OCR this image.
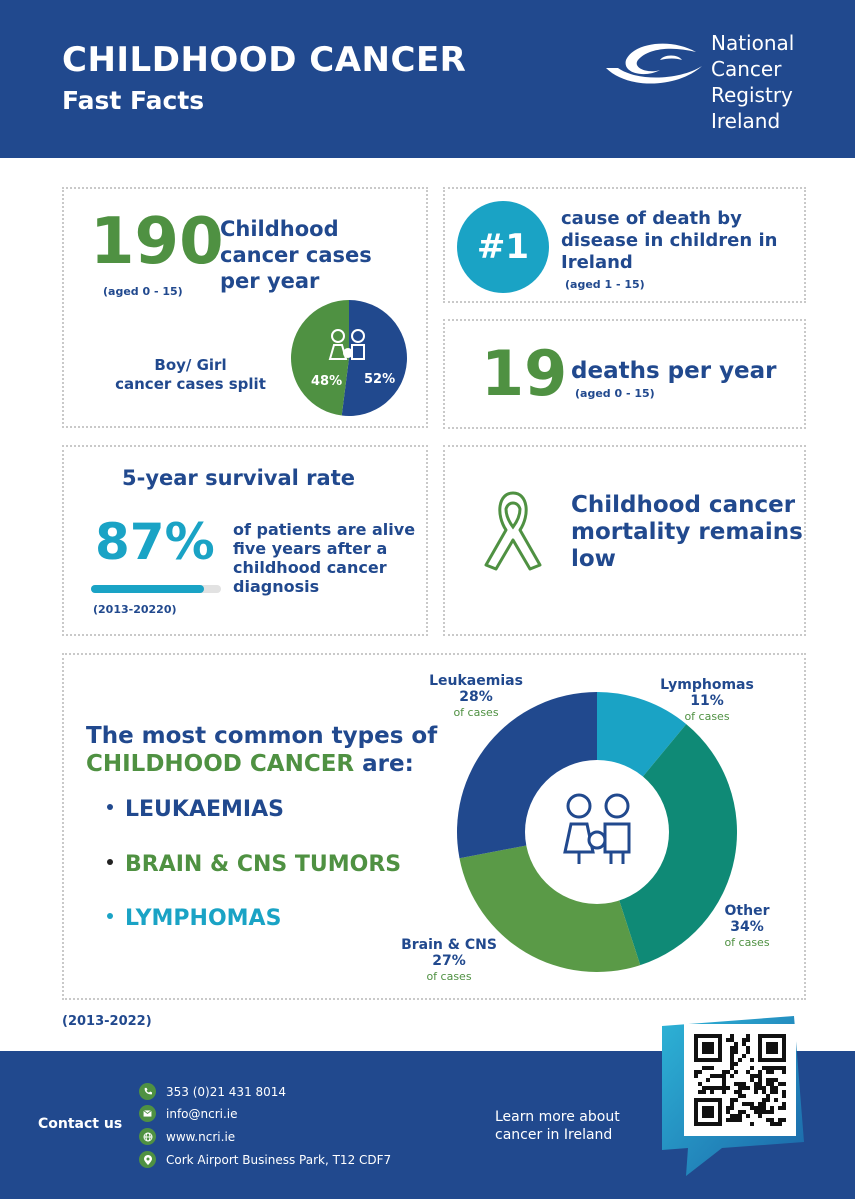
CHILDHOOD CANCER
Fast Facts
National
Cancer
Registry
Ireland
190
Childhood
cancer cases
per year
(aged 0 - 15)
Boy/ Girl
cancer cases split	48% 52%
#1
cause of death by
disease in children in
Ireland
(aged 1 - 15)
19 deaths per year
(aged 0 - 15)
5-year survival rate
87% of patients are alive
five years after a
childhood cancer
diagnosis
(2013-20220)
Childhood cancer
mortality remains
low
The most common types of
CHILDHOOD CANCER are:
LEUKAEMIAS
BRAIN & CNS TUMORS
LYMPHOMAS
Leukaemias
28%
of cases
Lymphomas
11%
of cases
Other
34%
of cases
Brain & CNS
27%
of cases
(2013-2022)
Contact us
353 (0)21 431 8014
info@ncri.ie
www.ncri.ie
Cork Airport Business Park, T12 CDF7
Learn more about
cancer in Ireland
